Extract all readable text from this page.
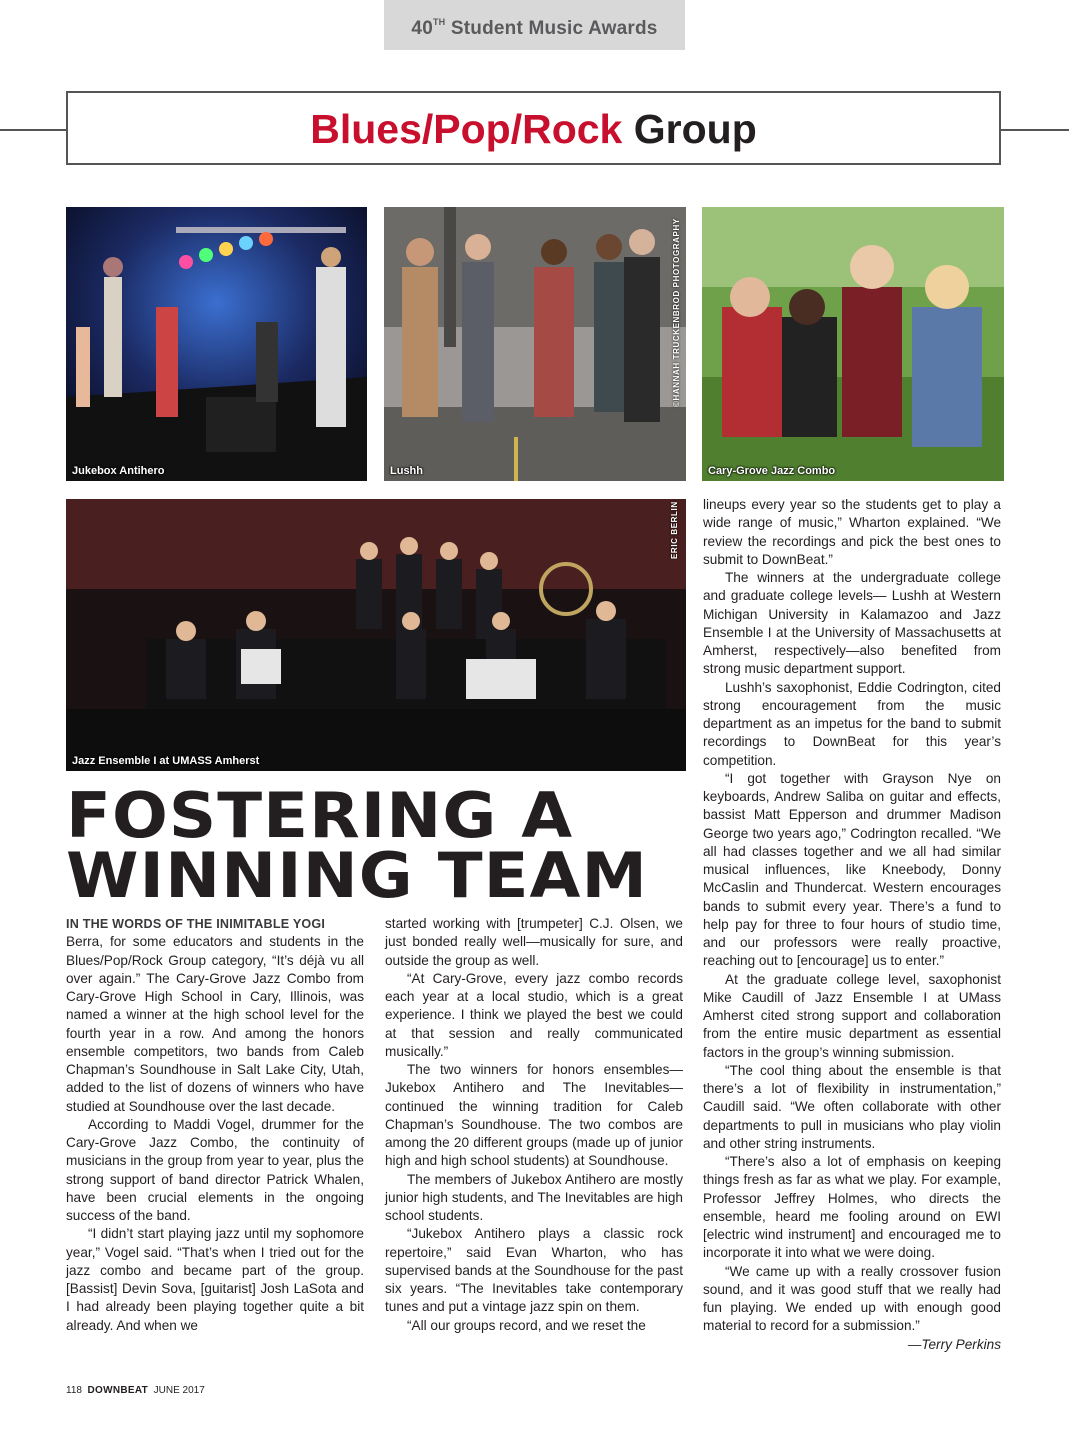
40TH Student Music Awards
Blues/Pop/Rock Group
Jukebox Antihero
©HANNAH TRUCKENBROD PHOTOGRAPHY
Lushh	Cary-Grove Jazz Combo
ERIC BERLIN
Jazz Ensemble I at UMASS Amherst
FOSTERING A
WINNING TEAM

IN THE WORDS OF THE INIMITABLE YOGI
Berra, for some educators and students in the Blues/Pop/Rock Group category, “It’s déjà vu all over again.” The Cary-Grove Jazz Combo from Cary-Grove High School in Cary, Illinois, was named a winner at the high school level for the fourth year in a row. And among the honors ensemble competitors, two bands from Caleb Chapman’s Soundhouse in Salt Lake City, Utah, added to the list of dozens of winners who have studied at Soundhouse over the last decade.

According to Maddi Vogel, drummer for the Cary-Grove Jazz Combo, the continuity of musicians in the group from year to year, plus the strong support of band director Patrick Whalen, have been crucial elements in the ongoing success of the band.

“I didn’t start playing jazz until my sophomore year,” Vogel said. “That’s when I tried out for the jazz combo and became part of the group. [Bassist] Devin Sova, [guitarist] Josh LaSota and I had already been playing together quite a bit already. And when we

started working with [trumpeter] C.J. Olsen, we just bonded really well—musically for sure, and outside the group as well.

“At Cary-Grove, every jazz combo records each year at a local studio, which is a great experience. I think we played the best we could at that session and really communicated musically.”

The two winners for honors ensembles—Jukebox Antihero and The Inevitables—continued the winning tradition for Caleb Chapman’s Soundhouse. The two combos are among the 20 different groups (made up of junior high and high school students) at Soundhouse.

The members of Jukebox Antihero are mostly junior high students, and The Inevitables are high school students.

“Jukebox Antihero plays a classic rock repertoire,” said Evan Wharton, who has supervised bands at the Soundhouse for the past six years. “The Inevitables take contemporary tunes and put a vintage jazz spin on them.

“All our groups record, and we reset the

lineups every year so the students get to play a wide range of music,” Wharton explained. “We review the recordings and pick the best ones to submit to DownBeat.”

The winners at the undergraduate college and graduate college levels— Lushh at Western Michigan University in Kalamazoo and Jazz Ensemble I at the University of Massachusetts at Amherst, respectively—also benefited from strong music department support.

Lushh’s saxophonist, Eddie Codrington, cited strong encouragement from the music department as an impetus for the band to submit recordings to DownBeat for this year’s competition.

“I got together with Grayson Nye on keyboards, Andrew Saliba on guitar and effects, bassist Matt Epperson and drummer Madison George two years ago,” Codrington recalled. “We all had classes together and we all had similar musical influences, like Kneebody, Donny McCaslin and Thundercat. Western encourages bands to submit every year. There’s a fund to help pay for three to four hours of studio time, and our professors were really proactive, reaching out to [encourage] us to enter.”

At the graduate college level, saxophonist Mike Caudill of Jazz Ensemble I at UMass Amherst cited strong support and collaboration from the entire music department as essential factors in the group’s winning submission.

“The cool thing about the ensemble is that there’s a lot of flexibility in instrumentation,” Caudill said. “We often collaborate with other departments to pull in musicians who play violin and other string instruments.

“There’s also a lot of emphasis on keeping things fresh as far as what we play. For example, Professor Jeffrey Holmes, who directs the ensemble, heard me fooling around on EWI [electric wind instrument] and encouraged me to incorporate it into what we were doing.

“We came up with a really crossover fusion sound, and it was good stuff that we really had fun playing. We ended up with enough good material to record for a submission.”

—Terry Perkins
118 DOWNBEAT JUNE 2017
